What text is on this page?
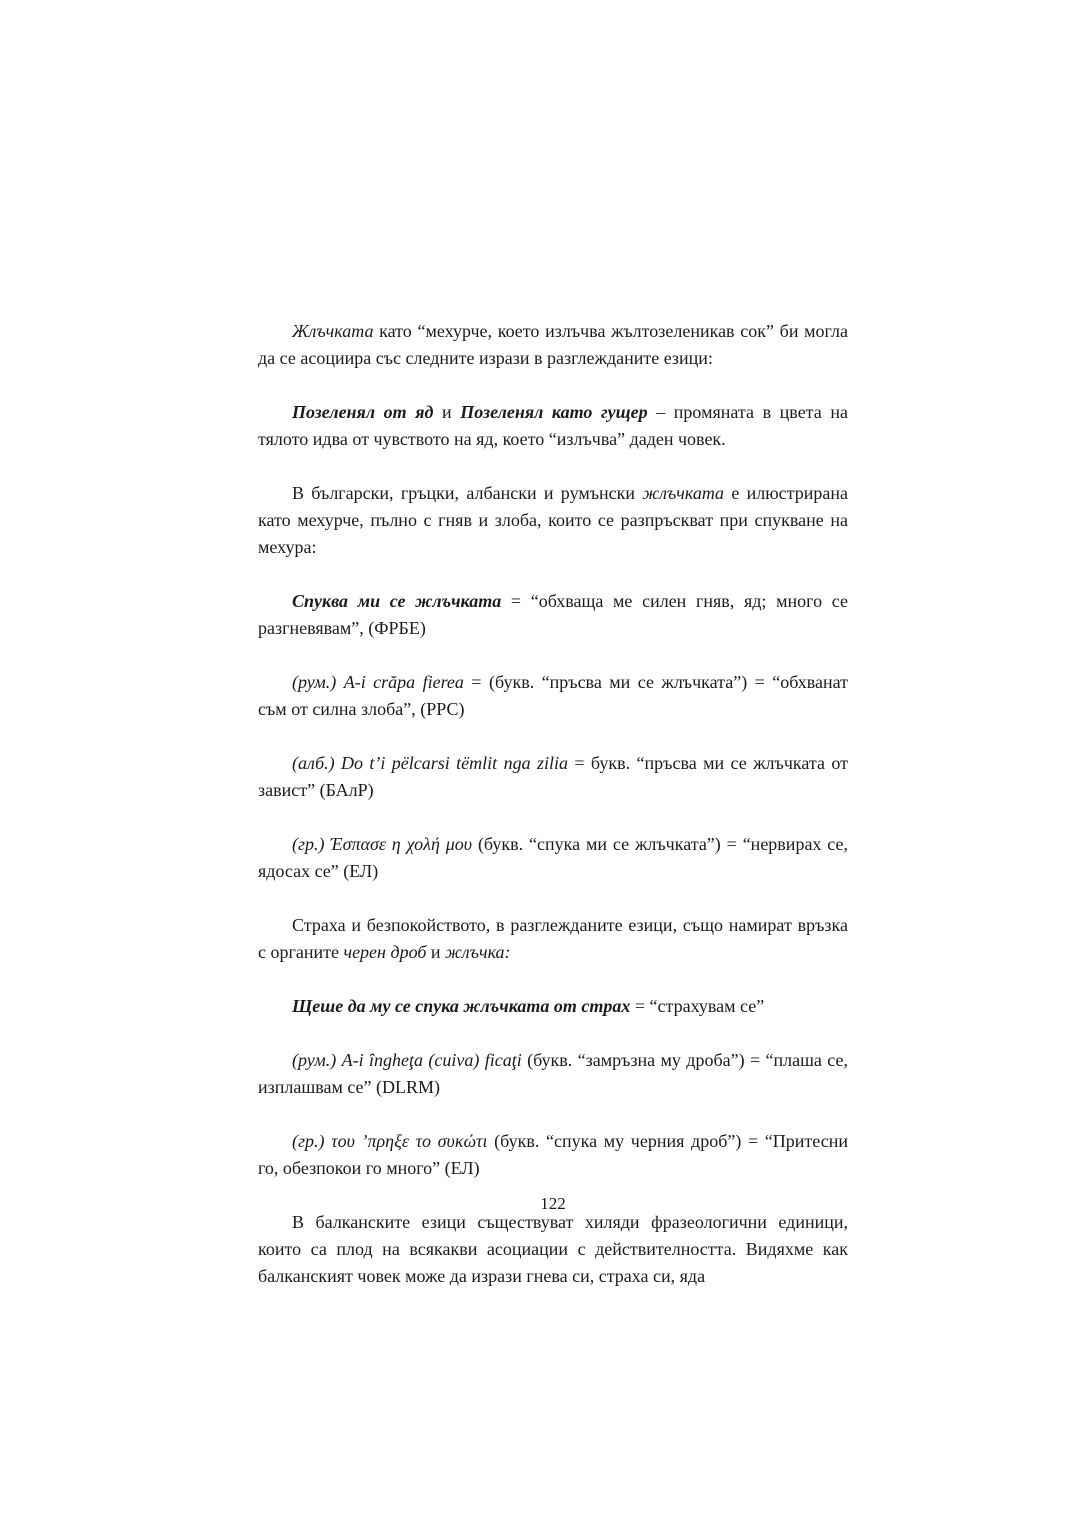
Жлъчката като “мехурче, което излъчва жълтозеленикав сок” би могла да се асоциира със следните изрази в разглежданите езици:

Позеленял от яд и Позеленял като гущер – промяната в цвета на тялото идва от чувството на яд, което “излъчва” даден човек.

В български, гръцки, албански и румънски жлъчката е илюстрирана като мехурче, пълно с гняв и злоба, които се разпръскват при спукване на мехура:

Спуква ми се жлъчката = “обхваща ме силен гняв, яд; много се разгневявам”, (ФРБЕ)

(рум.) A-i crăpa fierea = (букв. “пръсва ми се жлъчката”) = “обхванат съм от силна злоба”, (РРС)

(алб.) Do t’i pëlcarsi tëmlit nga zilia = букв. “пръсва ми се жлъчката от завист” (БАлР)

(гр.) Έσπασε η χολή μου (букв. “спука ми се жлъчката”) = “нервирах се, ядосах се” (ЕЛ)

Страха и безпокойството, в разглежданите езици, също намират връзка с органите черен дроб и жлъчка:

Щеше да му се спука жлъчката от страх = “страхувам се”

(рум.) A-i îngheţa (cuiva) ficaţi (букв. “замръзна му дроба”) = “плаша се, изплашвам се” (DLRM)

(гр.) του ’πρηξε το συκώτι (букв. “спука му черния дроб”) = “Притесни го, обезпокои го много” (ЕЛ)

В балканските езици съществуват хиляди фразеологични единици, които са плод на всякакви асоциации с действителността. Видяхме как балканският човек може да изрази гнева си, страха си, яда

122
